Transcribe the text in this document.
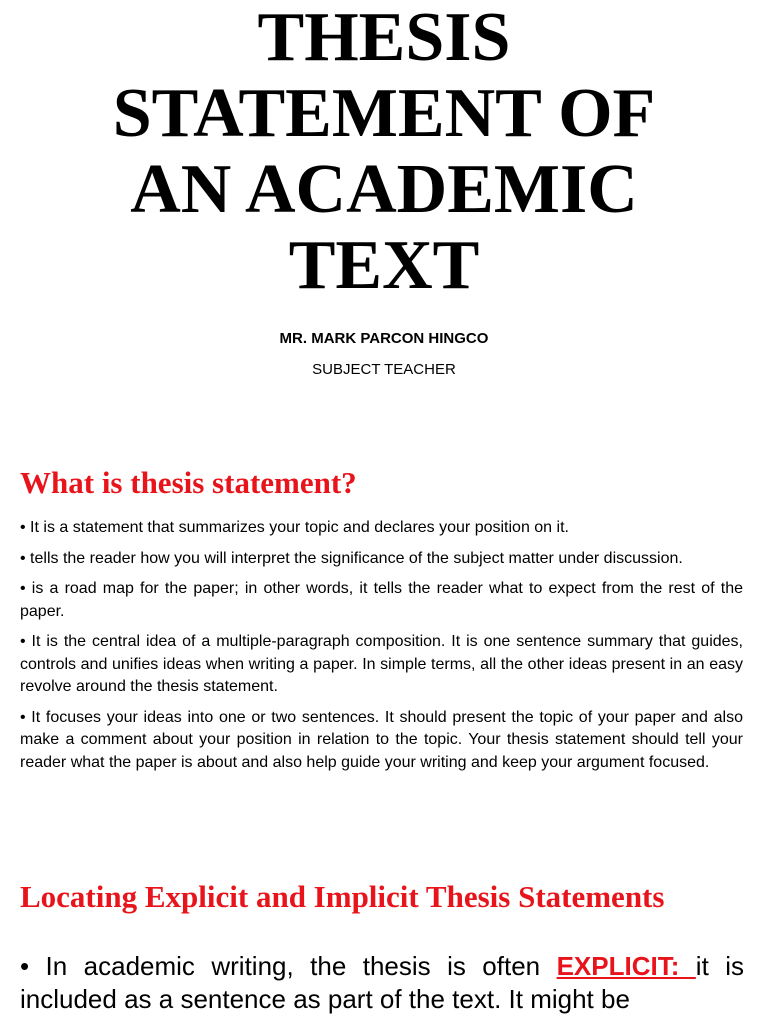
THESIS
STATEMENT OF
AN ACADEMIC
TEXT
MR. MARK PARCON HINGCO
SUBJECT TEACHER
What is thesis statement?
• It is a statement that summarizes your topic and declares your position on it.
• tells the reader how you will interpret the significance of the subject matter under discussion.
• is a road map for the paper; in other words, it tells the reader what to expect from the rest of the paper.
• It is the central idea of a multiple-paragraph composition. It is one sentence summary that guides, controls and unifies ideas when writing a paper. In simple terms, all the other ideas present in an easy revolve around the thesis statement.
• It focuses your ideas into one or two sentences. It should present the topic of your paper and also make a comment about your position in relation to the topic. Your thesis statement should tell your reader what the paper is about and also help guide your writing and keep your argument focused.
Locating Explicit and Implicit Thesis Statements

• In academic writing, the thesis is often EXPLICIT: it is included as a sentence as part of the text. It might be
